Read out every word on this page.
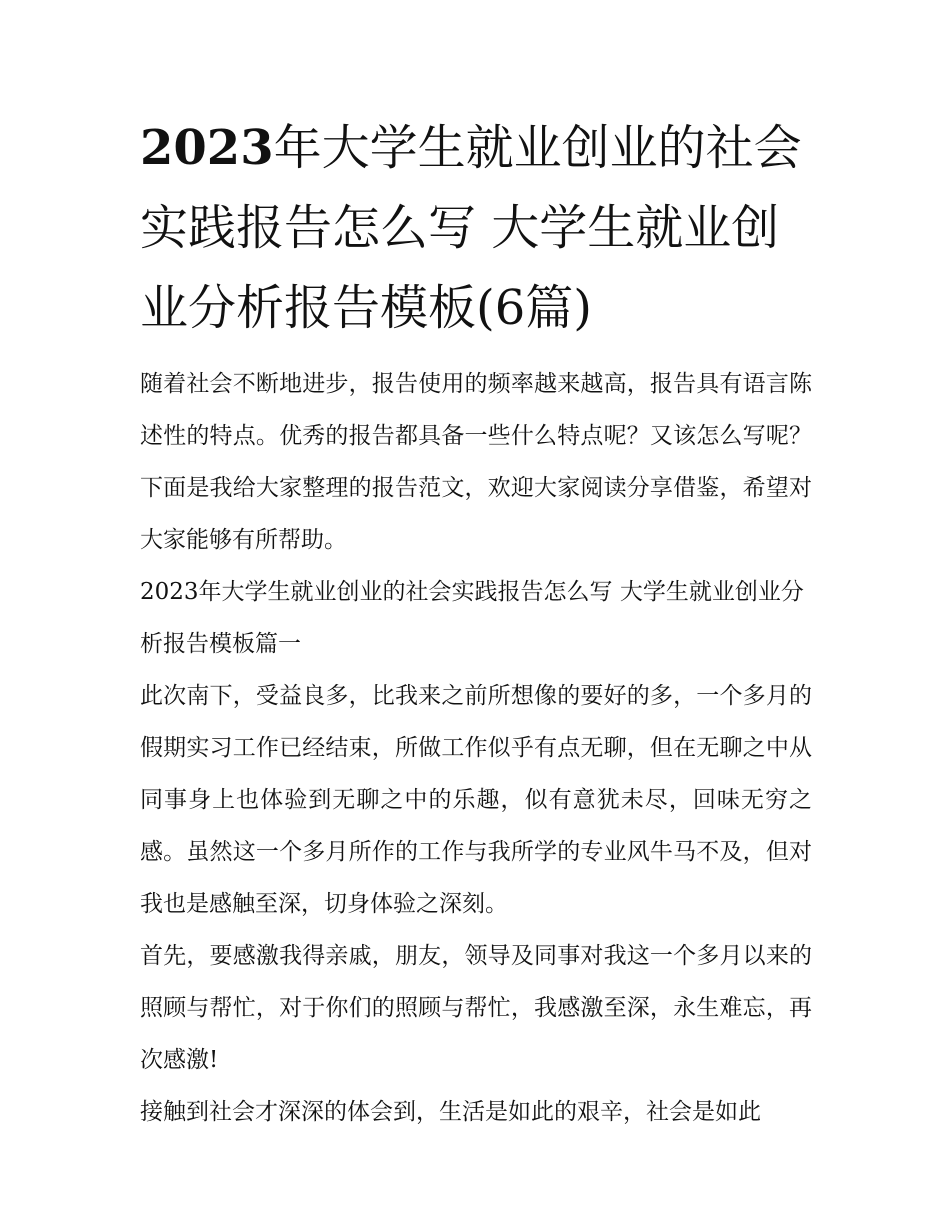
2023年大学生就业创业的社会实践报告怎么写 大学生就业创业分析报告模板(6篇)

随着社会不断地进步，报告使用的频率越来越高，报告具有语言陈述性的特点。优秀的报告都具备一些什么特点呢？又该怎么写呢？下面是我给大家整理的报告范文，欢迎大家阅读分享借鉴，希望对大家能够有所帮助。

2023年大学生就业创业的社会实践报告怎么写 大学生就业创业分析报告模板篇一

此次南下，受益良多，比我来之前所想像的要好的多，一个多月的假期实习工作已经结束，所做工作似乎有点无聊，但在无聊之中从同事身上也体验到无聊之中的乐趣，似有意犹未尽，回味无穷之感。虽然这一个多月所作的工作与我所学的专业风牛马不及，但对我也是感触至深，切身体验之深刻。

首先，要感激我得亲戚，朋友，领导及同事对我这一个多月以来的照顾与帮忙，对于你们的照顾与帮忙，我感激至深，永生难忘，再次感激!

接触到社会才深深的体会到，生活是如此的艰辛，社会是如此
